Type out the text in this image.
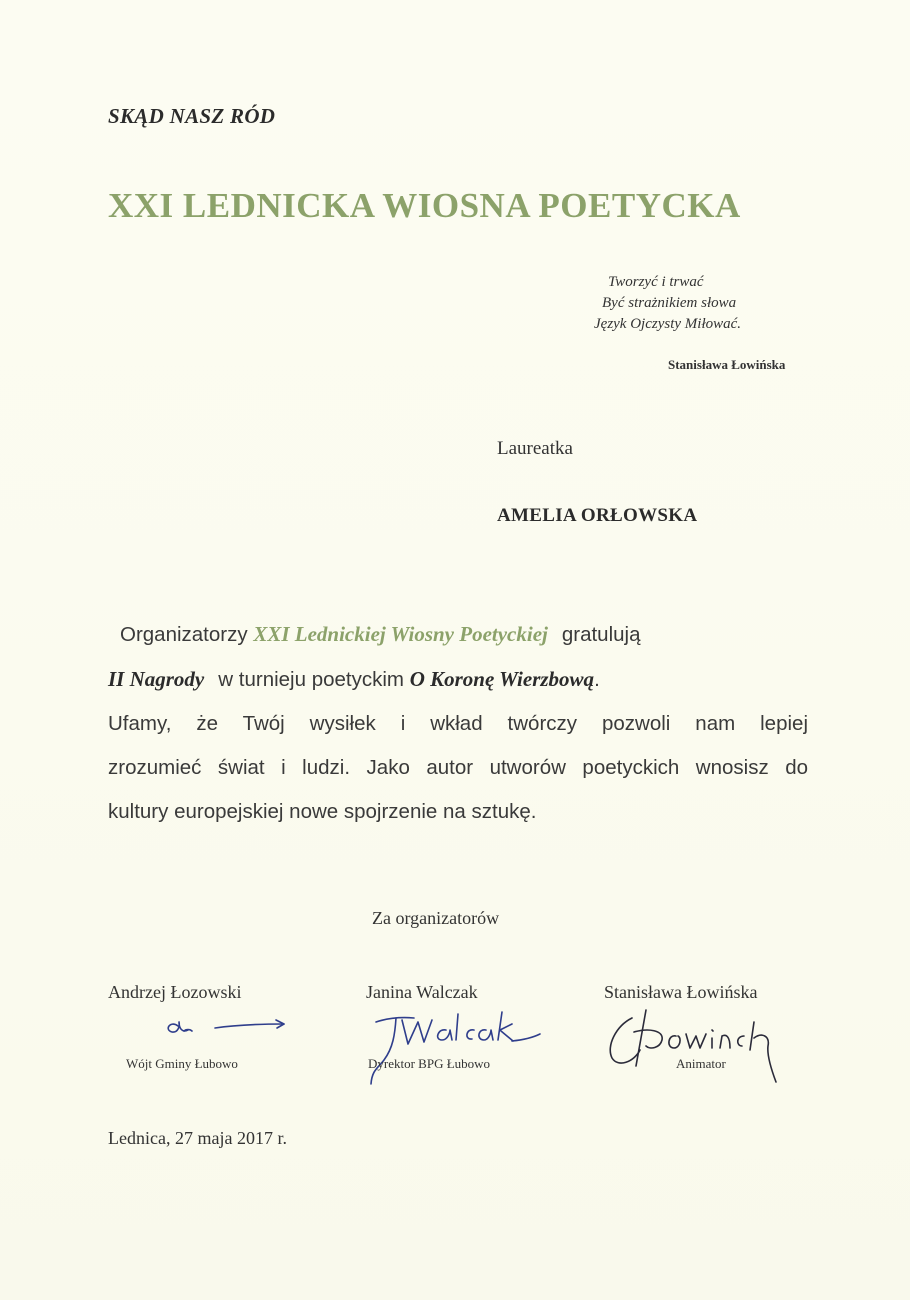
SKĄD NASZ RÓD
XXI LEDNICKA WIOSNA POETYCKA
Tworzyć i trwać
Być strażnikiem słowa
Język Ojczysty Miłować.
Stanisława Łowińska
Laureatka
AMELIA ORŁOWSKA
Organizatorzy XXI Lednickiej Wiosny Poetyckiej gratulują
II Nagrody w turnieju poetyckim O Koronę Wierzbową.
Ufamy, że Twój wysiłek i wkład twórczy pozwoli nam lepiej
zrozumieć świat i ludzi. Jako autor utworów poetyckich wnosisz do
kultury europejskiej nowe spojrzenie na sztukę.
Za organizatorów
Andrzej Łozowski	Janina Walczak	Stanisława Łowińska
Wójt Gminy Łubowo	Dyrektor BPG Łubowo	Animator
Lednica, 27 maja 2017 r.
